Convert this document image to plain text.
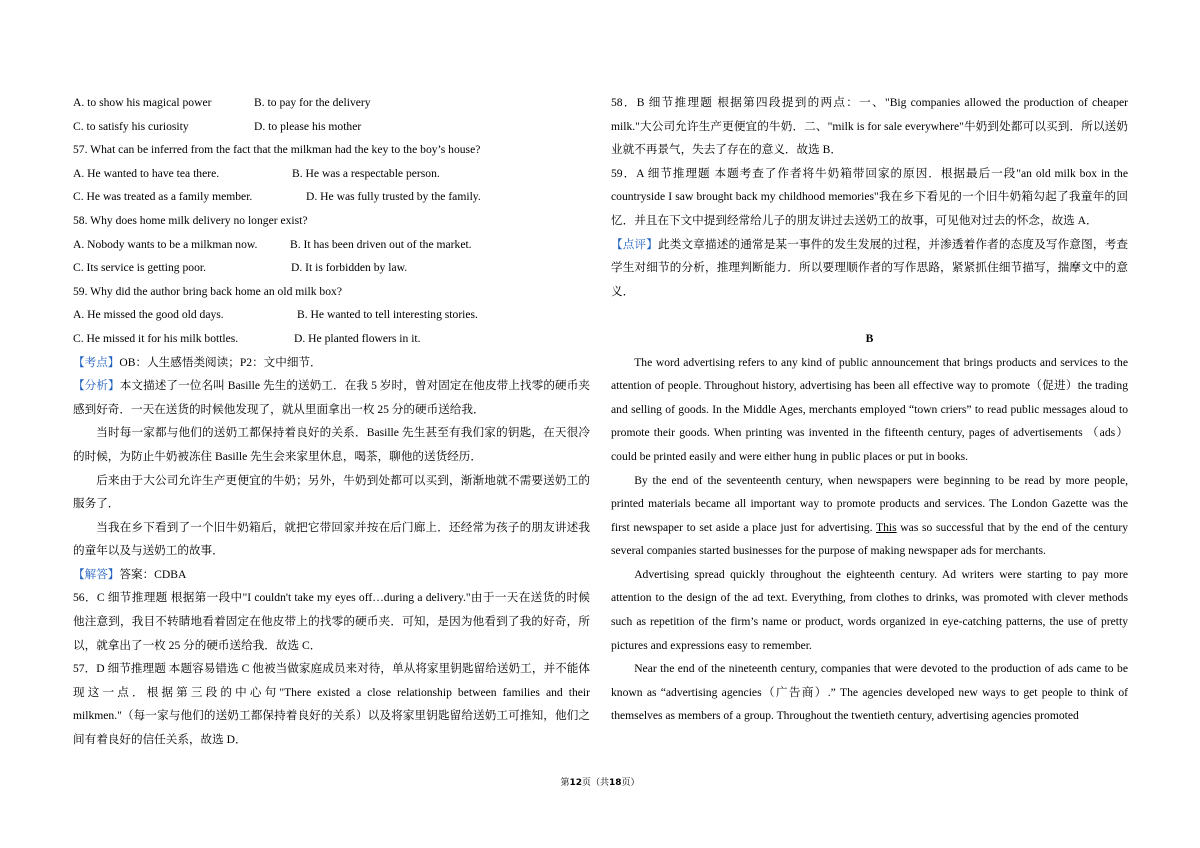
A. to show his magical power	B. to pay for the delivery
C. to satisfy his curiosity	D. to please his mother
57. What can be inferred from the fact that the milkman had the key to the boy’s house?
A. He wanted to have tea there.	B. He was a respectable person.
C. He was treated as a family member.	D. He was fully trusted by the family.
58. Why does home milk delivery no longer exist?
A. Nobody wants to be a milkman now.	B. It has been driven out of the market.
C. Its service is getting poor.	D. It is forbidden by law.
59. Why did the author bring back home an old milk box?
A. He missed the good old days.	B. He wanted to tell interesting stories.
C. He missed it for his milk bottles.	D. He planted flowers in it.
【考点】OB：人生感悟类阅读；P2：文中细节．
【分析】本文描述了一位名叫 Basille 先生的送奶工．在我 5 岁时，曾对固定在他皮带上找零的硬币夹感到好奇．一天在送货的时候他发现了，就从里面拿出一枚 25 分的硬币送给我．
当时每一家都与他们的送奶工都保持着良好的关系．Basille 先生甚至有我们家的钥匙，在天很冷的时候，为防止牛奶被冻住 Basille 先生会来家里休息，喝茶，聊他的送货经历．
后来由于大公司允许生产更便宜的牛奶；另外，牛奶到处都可以买到，渐渐地就不需要送奶工的服务了．
当我在乡下看到了一个旧牛奶箱后，就把它带回家并按在后门廊上．还经常为孩子的朋友讲述我的童年以及与送奶工的故事．
【解答】答案：CDBA
56．C 细节推理题 根据第一段中"I couldn't take my eyes off…during a delivery."由于一天在送货的时候他注意到，我目不转睛地看着固定在他皮带上的找零的硬币夹．可知，是因为他看到了我的好奇，所以，就拿出了一枚 25 分的硬币送给我．故选 C．
57．D 细节推理题 本题容易错选 C 他被当做家庭成员来对待，单从将家里钥匙留给送奶工，并不能体现这一点．根据第三段的中心句"There existed a close relationship between families and their milkmen."（每一家与他们的送奶工都保持着良好的关系）以及将家里钥匙留给送奶工可推知，他们之间有着良好的信任关系，故选 D．
58．B 细节推理题 根据第四段提到的两点：一、"Big companies allowed the production of cheaper milk."大公司允许生产更便宜的牛奶．二、"milk is for sale everywhere"牛奶到处都可以买到．所以送奶业就不再景气，失去了存在的意义．故选 B．
59．A 细节推理题 本题考查了作者将牛奶箱带回家的原因．根据最后一段"an old milk box in the countryside I saw brought back my childhood memories"我在乡下看见的一个旧牛奶箱勾起了我童年的回忆．并且在下文中提到经常给儿子的朋友讲过去送奶工的故事，可见他对过去的怀念，故选 A．
【点评】此类文章描述的通常是某一事件的发生发展的过程，并渗透着作者的态度及写作意图，考查学生对细节的分析，推理判断能力．所以要理顺作者的写作思路，紧紧抓住细节描写，揣摩文中的意义．
B
The word advertising refers to any kind of public announcement that brings products and services to the attention of people. Throughout history, advertising has been all effective way to promote（促进）the trading and selling of goods. In the Middle Ages, merchants employed “town criers” to read public messages aloud to promote their goods. When printing was invented in the fifteenth century, pages of advertisements （ads）could be printed easily and were either hung in public places or put in books.
By the end of the seventeenth century, when newspapers were beginning to be read by more people, printed materials became all important way to promote products and services. The London Gazette was the first newspaper to set aside a place just for advertising. This was so successful that by the end of the century several companies started businesses for the purpose of making newspaper ads for merchants.
Advertising spread quickly throughout the eighteenth century. Ad writers were starting to pay more attention to the design of the ad text. Everything, from clothes to drinks, was promoted with clever methods such as repetition of the firm’s name or product, words organized in eye-catching patterns, the use of pretty pictures and expressions easy to remember.
Near the end of the nineteenth century, companies that were devoted to the production of ads came to be known as “advertising agencies（广告商）.” The agencies developed new ways to get people to think of themselves as members of a group. Throughout the twentieth century, advertising agencies promoted
第12页（共18页）
